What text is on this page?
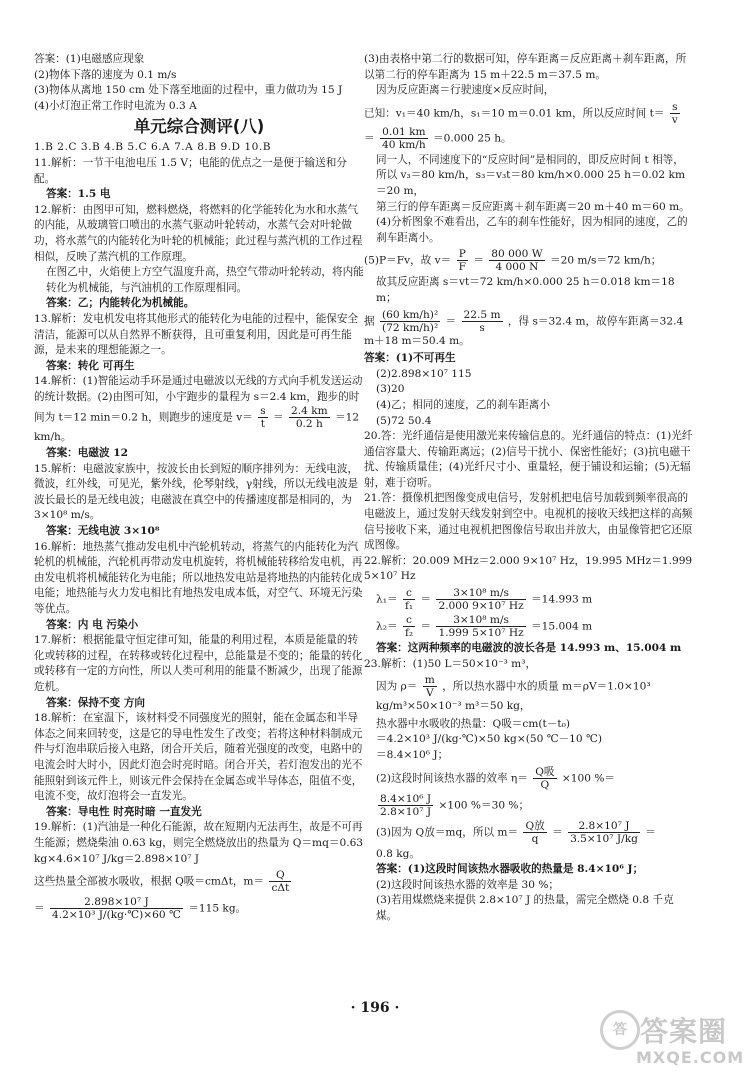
答案：(1)电磁感应现象

(2)物体下落的速度为 0.1 m/s

(3)物体从离地 150 cm 处下落至地面的过程中，重力做功为 15 J

(4)小灯泡正常工作时电流为 0.3 A

单元综合测评(八)

1.B 2.C 3.B 4.B 5.C 6.A 7.A 8.B 9.D 10.B

11.解析：一节干电池电压 1.5 V；电能的优点之一是便于输送和分配。

答案：1.5 电

12.解析：由图甲可知，燃料燃烧，将燃料的化学能转化为水和水蒸气的内能，从玻璃管口喷出的水蒸气驱动叶轮转动，水蒸气会对叶轮做功，将水蒸气的内能转化为叶轮的机械能；此过程与蒸汽机的工作过程相似，反映了蒸汽机的工作原理。

在图乙中，火焰使上方空气温度升高，热空气带动叶轮转动，将内能转化为机械能，与汽油机的工作原理相同。

答案：乙；内能转化为机械能。

13.解析：发电机发电将其他形式的能转化为电能的过程中，能保安全清洁，能源可以从自然界不断获得，且可重复利用，因此是可再生能源，是未来的理想能源之一。

答案：转化 可再生

14.解析：(1)智能运动手环是通过电磁波以无线的方式向手机发送运动的统计数据。(2)由图可知，小宇跑步的量程为 s＝2.4 km，跑步的时间为 t＝12 min＝0.2 h，则跑步的速度是 $v= \frac{s}{t} = \frac{2.4 km}{0.2 h} =12$ km/h。

答案：电磁波 12

15.解析：电磁波家族中，按波长由长到短的顺序排列为：无线电波，微波，红外线，可见光，紫外线，伦琴射线，γ射线，所以无线电波是波长最长的是无线电波；电磁波在真空中的传播速度都是相同的，为 3×10⁸ m/s。

答案：无线电波 3×10⁸

16.解析：地热蒸气推动发电机中汽轮机转动，将蒸气的内能转化为汽轮机的机械能，汽轮机再带动发电机旋转，将机械能转移给发电机，再由发电机将机械能转化为电能；所以地热发电站是将地热的内能转化成电能；地热能与火力发电相比有地热发电成本低，对空气、环境无污染等优点。

答案：内 电 污染小

17.解析：根据能量守恒定律可知，能量的利用过程，本质是能量的转化或转移的过程，在转移或转化过程中，总能量是不变的；能量的转化或转移有一定的方向性，所以人类可利用的能量不断减少，出现了能源危机。

答案：保持不变 方向

18.解析：在室温下，该材料受不同强度光的照射，能在金属态和半导体态之间来回转变，这是它的导电性发生了改变；若将这种材料制成元件与灯泡串联后接入电路，闭合开关后，随着光强度的改变，电路中的电流会时大时小，因此灯泡会时亮时暗。闭合开关，若灯泡发出的光不能照射到该元件上，则该元件会保持在金属态或半导体态，阻值不变，电流不变，故灯泡将会一直发光。

答案：导电性 时亮时暗 一直发光

19.解析：(1)汽油是一种化石能源，故在短期内无法再生，故是不可再生能源；燃烧柴油 0.63 kg，则完全燃烧放出的热量为 Q＝mq＝0.63 kg×4.6×10⁷ J/kg＝2.898×10⁷ J

这些热量全部被水吸收，根据 Q吸＝cmΔt，$m= \frac{Q}{\text{cΔt}}$

＝ $\frac{\text{2.898×10⁷ J}}{\text{4.2×10³ J/(kg·℃)×60 ℃}} =115$ kg。

(3)由表格中第二行的数据可知，停车距离＝反应距离＋刹车距离，所以第二行的停车距离为 15 m＋22.5 m＝37.5 m。

因为反应距离＝行驶速度×反应时间，

已知：v₁＝40 km/h，s₁＝10 m＝0.01 km，所以反应时间 $t= \frac{s}{v}$
＝ $\frac{0.01 km}{40 km/h} =0.000$ 25 h。

同一人，不同速度下的“反应时间”是相同的，即反应时间 t 相等，所以 v₃＝80 km/h，s₃＝v₃t＝80 km/h×0.000 25 h＝0.02 km＝20 m，

第三行的停车距离＝反应距离＋刹车距离＝20 m＋40 m＝60 m。

(4)分析图象不难看出，乙车的刹车性能好，因为相同的速度，乙的刹车距离小。

(5)P＝Fv，故 $v= \frac{P}{F} = \frac{80 000 W}{4 000 N} =20$ m/s＝72 km/h；

故其反应距离 s＝vt＝72 km/h×0.000 25 h＝0.018 km＝18 m；

据 $\frac{\text{(60 km/h)²}}{\text{(72 km/h)²}} = \frac{22.5 m}{s}$ ，得 s＝32.4 m，故停车距离＝32.4 m＋18 m＝50.4 m。

答案：(1)不可再生

(2)2.898×10⁷ 115

(3)20

(4)乙；相同的速度，乙的刹车距离小

(5)72 50.4

20.答：光纤通信是使用激光来传输信息的。光纤通信的特点：(1)光纤通信容量大、传输距离远；(2)信号干扰小、保密性能好；(3)抗电磁干扰、传输质量佳；(4)光纤尺寸小、重量轻，便于铺设和运输；(5)无辐射，难于窃听。

21.答：摄像机把图像变成电信号，发射机把电信号加载到频率很高的电磁波上，通过发射天线发射到空中。电视机的接收天线把这样的高频信号接收下来，通过电视机把图像信号取出并放大，由显像管把它还原成图像。

22.解析：20.009 MHz＝2.000 9×10⁷ Hz，19.995 MHz＝1.999 5×10⁷ Hz

$\lambda_1= \frac{c}{\text{f₁}} = \frac{\text{3×10⁸ m/s}}{\text{2.000 9×10⁷ Hz}} =14.993$ m

$\lambda_2= \frac{c}{\text{f₂}} = \frac{\text{3×10⁸ m/s}}{\text{1.999 5×10⁷ Hz}} =15.004$ m

答案：这两种频率的电磁波的波长各是 14.993 m、15.004 m

23.解析：(1)50 L＝50×10⁻³ m³，

因为 $\rho= \frac{m}{V}$ ，所以热水器中水的质量 m＝ρV＝1.0×10³ kg/m³×50×10⁻³ m³＝50 kg，

热水器中水吸收的热量：Q吸＝cm(t－t₀)

＝4.2×10³ J/(kg·℃)×50 kg×(50 ℃－10 ℃)

＝8.4×10⁶ J；

(2)这段时间该热水器的效率 $\eta= \frac{\text{Q吸}}{Q} \times 100$ %＝

$\frac{\text{8.4×10⁶ J}}{\text{2.8×10⁷ J}} \times 100$ %＝30 %；

(3)因为 Q放＝mq，所以 $m= \frac{\text{Q放}}{q} = \frac{\text{2.8×10⁷ J}}{\text{3.5×10⁷ J/kg}}$ ＝

0.8 kg。

答案：(1)这段时间该热水器吸收的热量是 8.4×10⁶ J；

(2)这段时间该热水器的效率是 30 %；

(3)若用煤燃烧来提供 2.8×10⁷ J 的热量，需完全燃烧 0.8 千克煤。

· 196 ·
答 答案圈
MXQE.COM
